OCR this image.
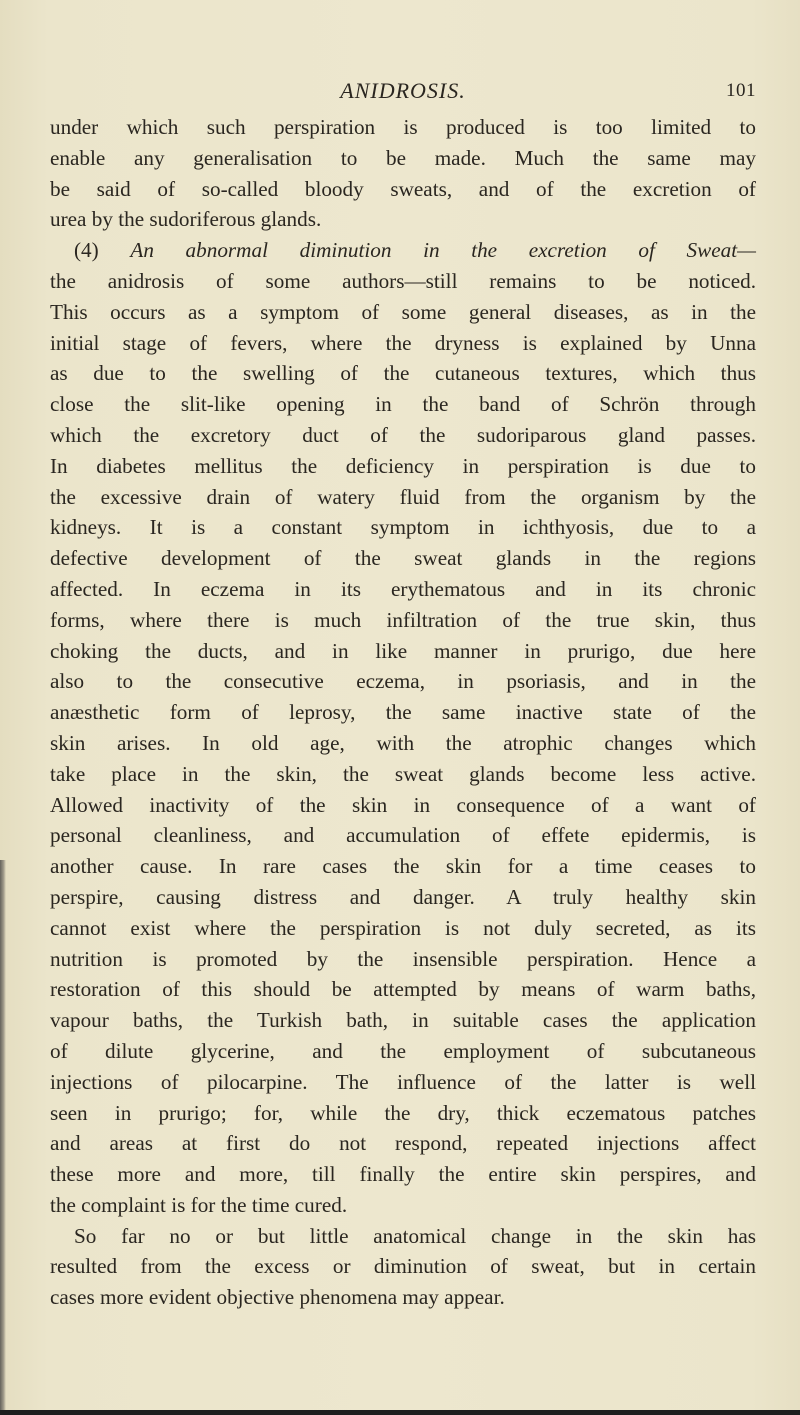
ANIDROSIS.	101
under which such perspiration is produced is too limited to
enable any generalisation to be made. Much the same may
be said of so-called bloody sweats, and of the excretion of
urea by the sudoriferous glands.
(4) An abnormal diminution in the excretion of Sweat—
the anidrosis of some authors—still remains to be noticed.
This occurs as a symptom of some general diseases, as in the
initial stage of fevers, where the dryness is explained by Unna
as due to the swelling of the cutaneous textures, which thus
close the slit-like opening in the band of Schrön through
which the excretory duct of the sudoriparous gland passes.
In diabetes mellitus the deficiency in perspiration is due to
the excessive drain of watery fluid from the organism by the
kidneys. It is a constant symptom in ichthyosis, due to a
defective development of the sweat glands in the regions
affected. In eczema in its erythematous and in its chronic
forms, where there is much infiltration of the true skin, thus
choking the ducts, and in like manner in prurigo, due here
also to the consecutive eczema, in psoriasis, and in the
anæsthetic form of leprosy, the same inactive state of the
skin arises. In old age, with the atrophic changes which
take place in the skin, the sweat glands become less active.
Allowed inactivity of the skin in consequence of a want of
personal cleanliness, and accumulation of effete epidermis, is
another cause. In rare cases the skin for a time ceases to
perspire, causing distress and danger. A truly healthy skin
cannot exist where the perspiration is not duly secreted, as its
nutrition is promoted by the insensible perspiration. Hence a
restoration of this should be attempted by means of warm baths,
vapour baths, the Turkish bath, in suitable cases the application
of dilute glycerine, and the employment of subcutaneous
injections of pilocarpine. The influence of the latter is well
seen in prurigo; for, while the dry, thick eczematous patches
and areas at first do not respond, repeated injections affect
these more and more, till finally the entire skin perspires, and
the complaint is for the time cured.
So far no or but little anatomical change in the skin has
resulted from the excess or diminution of sweat, but in certain
cases more evident objective phenomena may appear.
